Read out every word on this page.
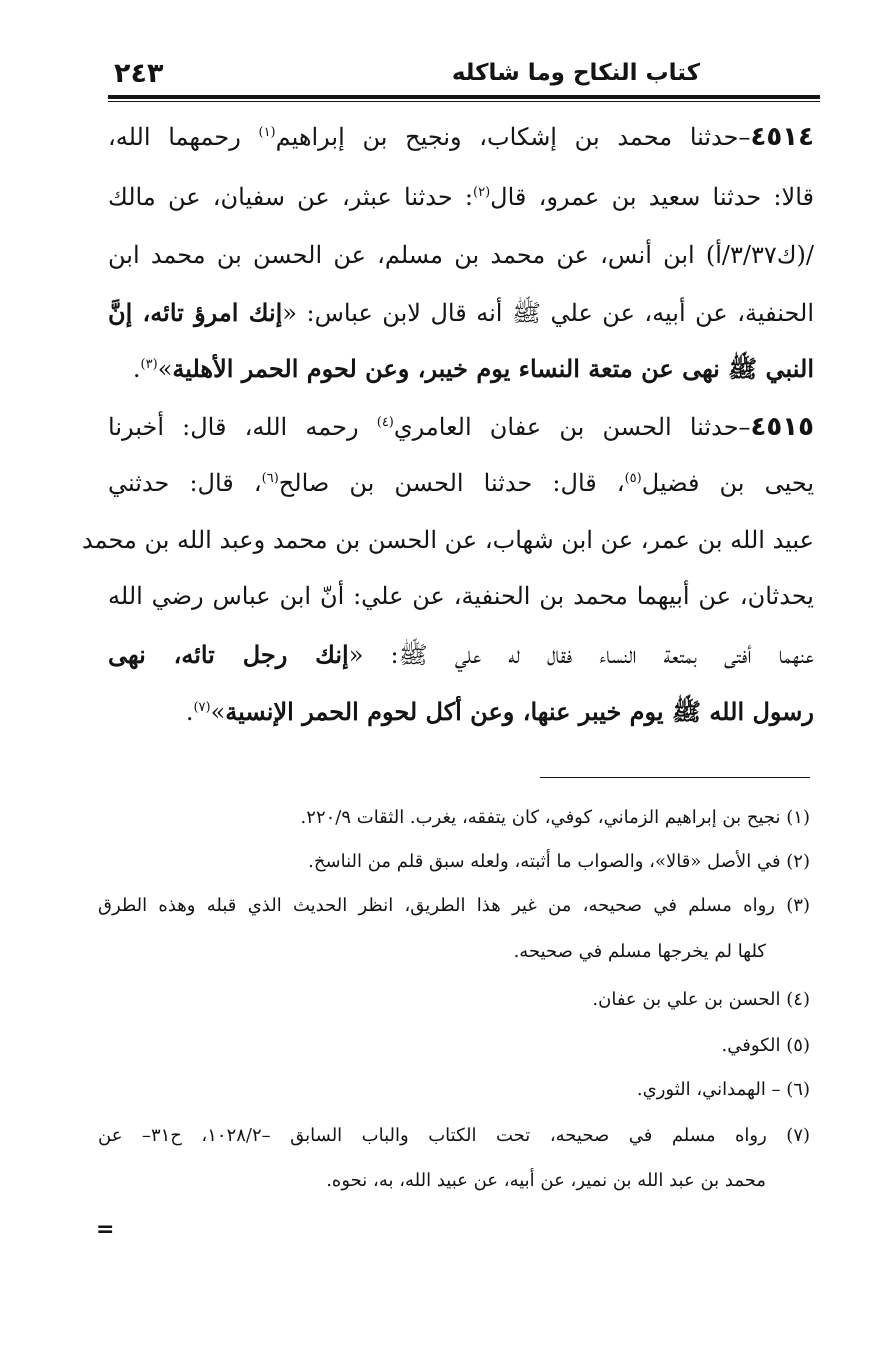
كتاب النكاح وما شاكله
٢٤٣
٤٥١٤–حدثنا محمد بن إشكاب، ونجيح بن إبراهيم$^{(١)}$ رحمهما الله،
قالا: حدثنا سعيد بن عمرو، قال$^{(٢)}$: حدثنا عبثر، عن سفيان، عن مالك
/(ك٣/٣٧/أ) ابن أنس، عن محمد بن مسلم، عن الحسن بن محمد ابن
الحنفية، عن أبيه، عن علي ﷺ أنه قال لابن عباس: «إنك امرؤ تائه، إنَّ
النبي ﷺ نهى عن متعة النساء يوم خيبر، وعن لحوم الحمر الأهلية»$^{(٣)}$.
٤٥١٥–حدثنا الحسن بن عفان العامري$^{(٤)}$ رحمه الله، قال: أخبرنا
يحيى بن فضيل$^{(٥)}$، قال: حدثنا الحسن بن صالح$^{(٦)}$، قال: حدثني
عبيد الله بن عمر، عن ابن شهاب، عن الحسن بن محمد وعبد الله بن محمد
يحدثان، عن أبيهما محمد بن الحنفية، عن علي: أنّ ابن عباس رضي الله
عنهما أفتى بمتعة النساء فقال له علي ﷺ: «إنك رجل تائه، نهى
رسول الله ﷺ يوم خيبر عنها، وعن أكل لحوم الحمر الإنسية»$^{(٧)}$.
(١) نجيح بن إبراهيم الزماني، كوفي، كان يتفقه، يغرب. الثقات ٢٢٠/٩.
(٢) في الأصل «قالا»، والصواب ما أثبته، ولعله سبق قلم من الناسخ.
(٣) رواه مسلم في صحيحه، من غير هذا الطريق، انظر الحديث الذي قبله وهذه الطرق
كلها لم يخرجها مسلم في صحيحه.
(٤) الحسن بن علي بن عفان.
(٥) الكوفي.
(٦) – الهمداني، الثوري.
(٧) رواه مسلم في صحيحه، تحت الكتاب والباب السابق –١٠٢٨/٢، ح٣١– عن
محمد بن عبد الله بن نمير، عن أبيه، عن عبيد الله، به، نحوه.
=
